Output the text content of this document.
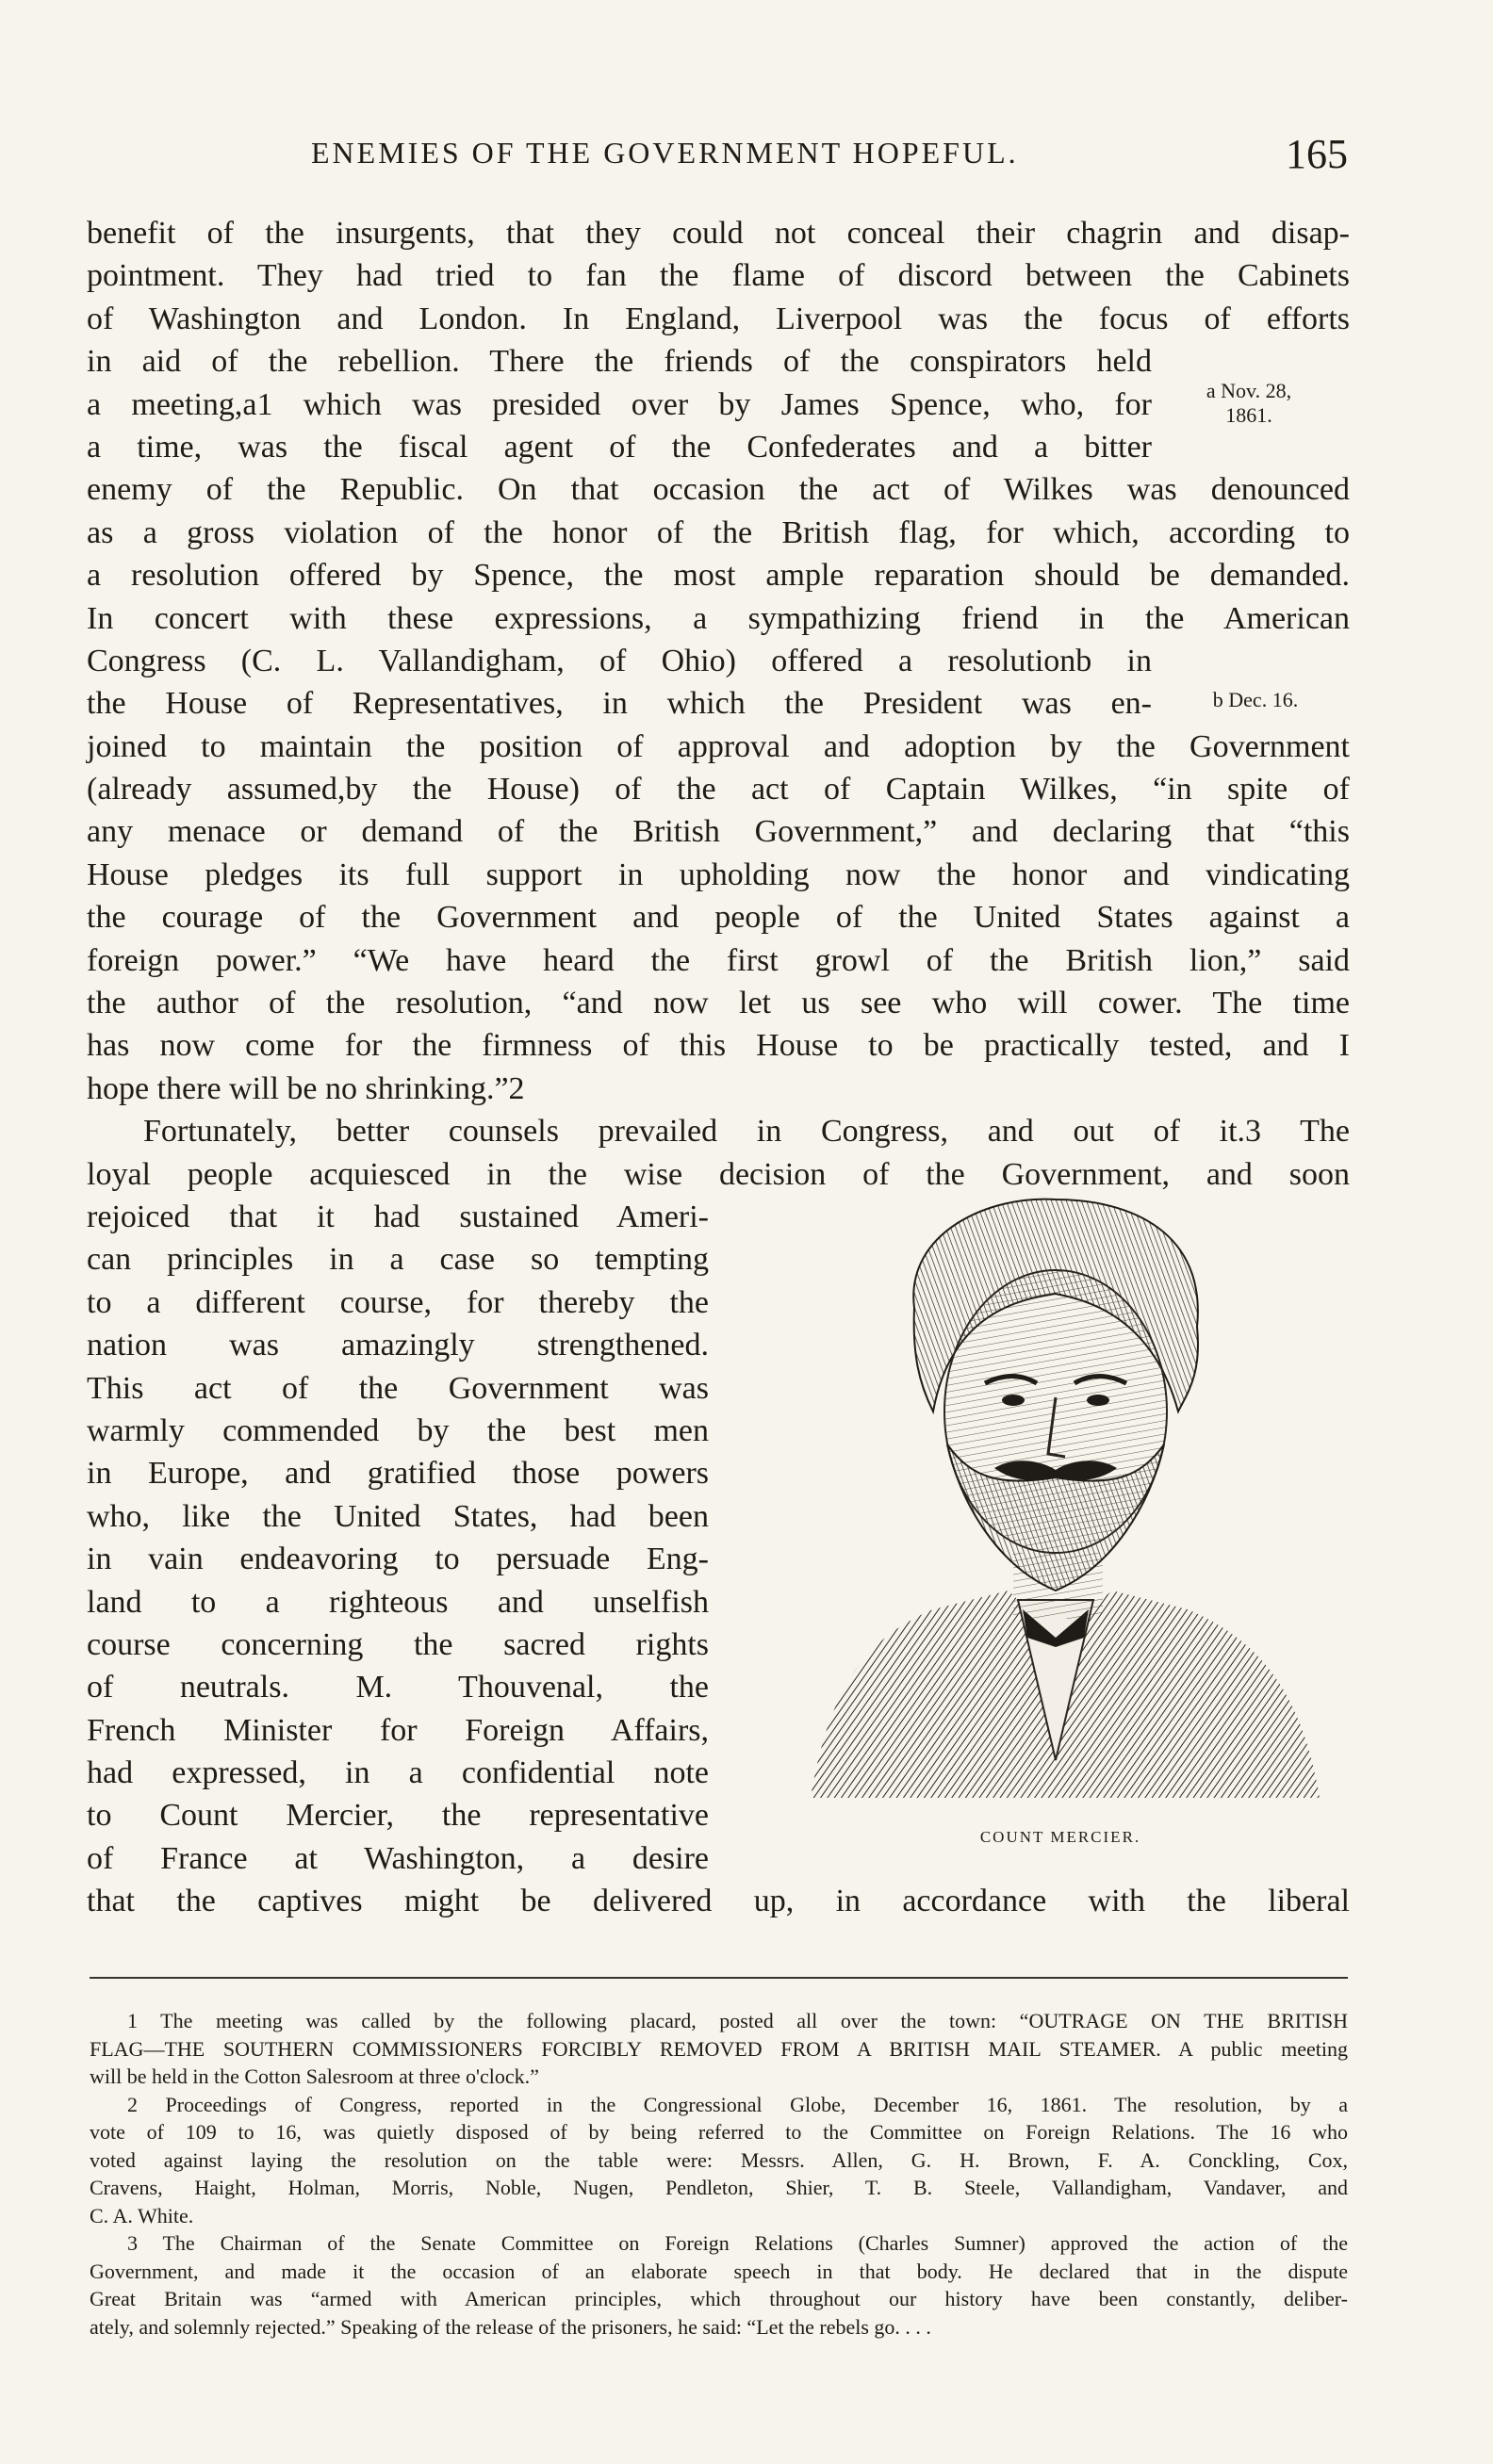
ENEMIES OF THE GOVERNMENT HOPEFUL.	165
benefit of the insurgents, that they could not conceal their chagrin and disap-
pointment. They had tried to fan the flame of discord between the Cabinets
of Washington and London. In England, Liverpool was the focus of efforts
in aid of the rebellion. There the friends of the conspirators held
a meeting,a1 which was presided over by James Spence, who, for
a time, was the fiscal agent of the Confederates and a bitter
enemy of the Republic. On that occasion the act of Wilkes was denounced
as a gross violation of the honor of the British flag, for which, according to
a resolution offered by Spence, the most ample reparation should be demanded.
In concert with these expressions, a sympathizing friend in the American
Congress (C. L. Vallandigham, of Ohio) offered a resolutionb in
the House of Representatives, in which the President was en-
joined to maintain the position of approval and adoption by the Government
(already assumed,by the House) of the act of Captain Wilkes, “in spite of
any menace or demand of the British Government,” and declaring that “this
House pledges its full support in upholding now the honor and vindicating
the courage of the Government and people of the United States against a
foreign power.” “We have heard the first growl of the British lion,” said
the author of the resolution, “and now let us see who will cower. The time
has now come for the firmness of this House to be practically tested, and I
hope there will be no shrinking.”2
Fortunately, better counsels prevailed in Congress, and out of it.3 The
loyal people acquiesced in the wise decision of the Government, and soon
rejoiced that it had sustained Ameri-
can principles in a case so tempting
to a different course, for thereby the
nation was amazingly strengthened.
This act of the Government was
warmly commended by the best men
in Europe, and gratified those powers
who, like the United States, had been
in vain endeavoring to persuade Eng-
land to a righteous and unselfish
course concerning the sacred rights
of neutrals. M. Thouvenal, the
French Minister for Foreign Affairs,
had expressed, in a confidential note
to Count Mercier, the representative
of France at Washington, a desire
that the captives might be delivered up, in accordance with the liberal
a Nov. 28,
1861.
b Dec. 16.
COUNT MERCIER.
1 The meeting was called by the following placard, posted all over the town: “OUTRAGE ON THE BRITISH
FLAG—THE SOUTHERN COMMISSIONERS FORCIBLY REMOVED FROM A BRITISH MAIL STEAMER. A public meeting
will be held in the Cotton Salesroom at three o'clock.”
2 Proceedings of Congress, reported in the Congressional Globe, December 16, 1861. The resolution, by a
vote of 109 to 16, was quietly disposed of by being referred to the Committee on Foreign Relations. The 16 who
voted against laying the resolution on the table were: Messrs. Allen, G. H. Brown, F. A. Conckling, Cox,
Cravens, Haight, Holman, Morris, Noble, Nugen, Pendleton, Shier, T. B. Steele, Vallandigham, Vandaver, and
C. A. White.
3 The Chairman of the Senate Committee on Foreign Relations (Charles Sumner) approved the action of the
Government, and made it the occasion of an elaborate speech in that body. He declared that in the dispute
Great Britain was “armed with American principles, which throughout our history have been constantly, deliber-
ately, and solemnly rejected.” Speaking of the release of the prisoners, he said: “Let the rebels go. . . .
